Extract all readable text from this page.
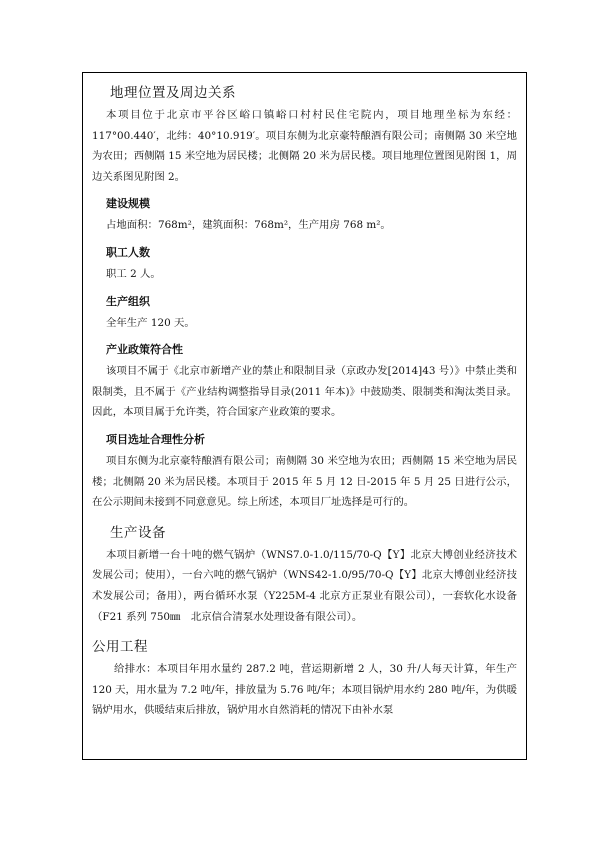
地理位置及周边关系

本项目位于北京市平谷区峪口镇峪口村村民住宅院内，项目地理坐标为东经：117°00.440′，北纬：40°10.919′。项目东侧为北京豪特酿酒有限公司；南侧隔 30 米空地为农田；西侧隔 15 米空地为居民楼；北侧隔 20 米为居民楼。项目地理位置图见附图 1，周边关系图见附图 2。

建设规模

占地面积：768m²，建筑面积：768m²，生产用房 768 m²。

职工人数

职工 2 人。

生产组织

全年生产 120 天。

产业政策符合性

该项目不属于《北京市新增产业的禁止和限制目录（京政办发[2014]43 号）》中禁止类和限制类，且不属于《产业结构调整指导目录(2011 年本)》中鼓励类、限制类和淘汰类目录。因此，本项目属于允许类，符合国家产业政策的要求。

项目选址合理性分析

项目东侧为北京豪特酿酒有限公司；南侧隔 30 米空地为农田；西侧隔 15 米空地为居民楼；北侧隔 20 米为居民楼。本项目于 2015 年 5 月 12 日-2015 年 5 月 25 日进行公示，在公示期间未接到不同意意见。综上所述，本项目厂址选择是可行的。

生产设备

本项目新增一台十吨的燃气锅炉（WNS7.0-1.0/115/70-Q【Y】北京大博创业经济技术发展公司；使用），一台六吨的燃气锅炉（WNS42-1.0/95/70-Q【Y】北京大博创业经济技术发展公司；备用），两台循环水泵（Y225M-4 北京方正泵业有限公司），一套软化水设备（F21 系列 750㎜　北京信合清泵水处理设备有限公司）。

公用工程

给排水：本项目年用水量约 287.2 吨，营运期新增 2 人，30 升/人每天计算，年生产 120 天，用水量为 7.2 吨/年，排放量为 5.76 吨/年；本项目锅炉用水约 280 吨/年，为供暖锅炉用水，供暖结束后排放，锅炉用水自然消耗的情况下由补水泵
